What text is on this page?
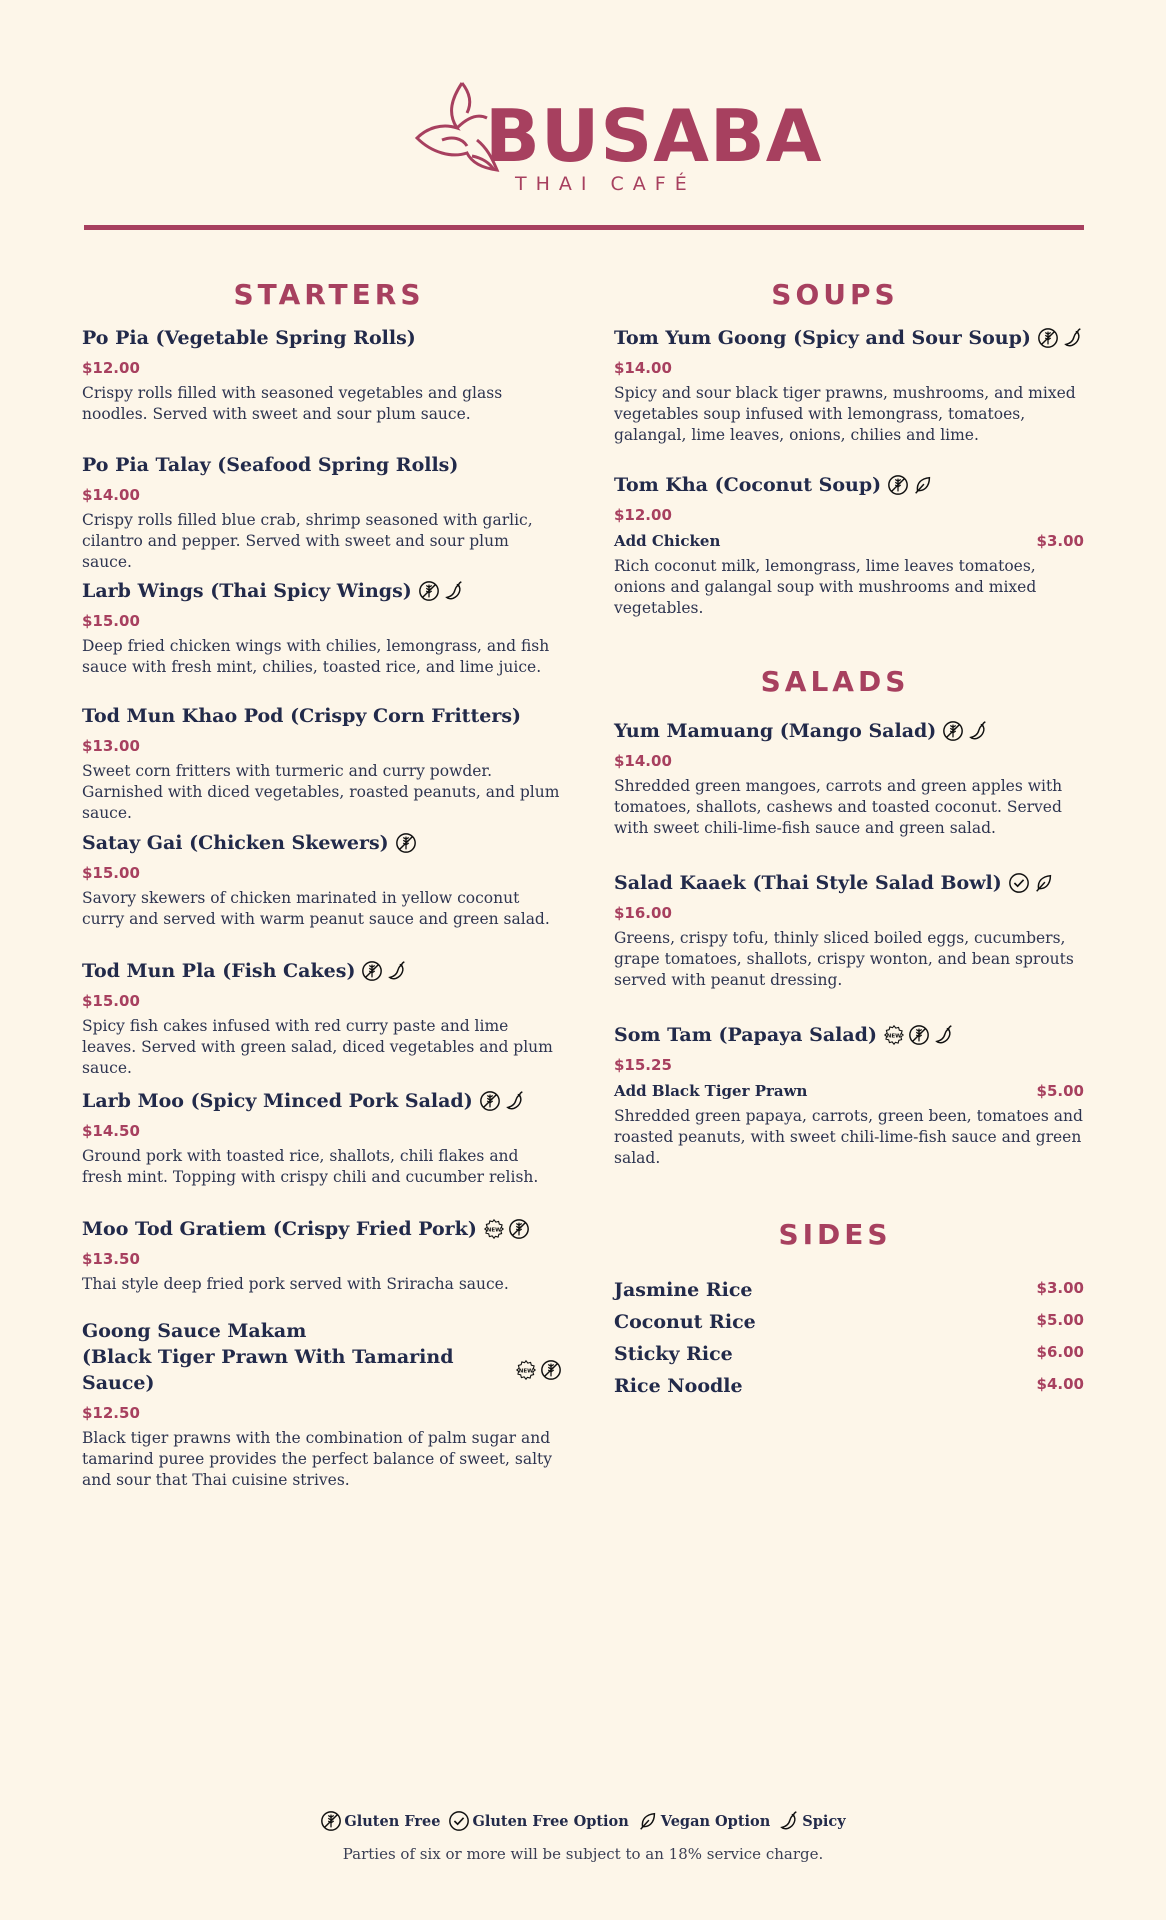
BUSABA
THAI CAFÉ
STARTERS	SOUPS
SALADS
SIDES
Po Pia (Vegetable Spring Rolls)
$12.00
Crispy rolls filled with seasoned vegetables and glass noodles. Served with sweet and sour plum sauce.
Po Pia Talay (Seafood Spring Rolls)
$14.00
Crispy rolls filled blue crab, shrimp seasoned with garlic, cilantro and pepper. Served with sweet and sour plum sauce.
Larb Wings (Thai Spicy Wings)
$15.00
Deep fried chicken wings with chilies, lemongrass, and fish sauce with fresh mint, chilies, toasted rice, and lime juice.
Tod Mun Khao Pod (Crispy Corn Fritters)
$13.00
Sweet corn fritters with turmeric and curry powder. Garnished with diced vegetables, roasted peanuts, and plum sauce.
Satay Gai (Chicken Skewers)
$15.00
Savory skewers of chicken marinated in yellow coconut curry and served with warm peanut sauce and green salad.
Tod Mun Pla (Fish Cakes)
$15.00
Spicy fish cakes infused with red curry paste and lime leaves. Served with green salad, diced vegetables and plum sauce.
Larb Moo (Spicy Minced Pork Salad)
$14.50
Ground pork with toasted rice, shallots, chili flakes and fresh mint. Topping with crispy chili and cucumber relish.
Moo Tod Gratiem (Crispy Fried Pork) NEW
$13.50
Thai style deep fried pork served with Sriracha sauce.
Goong Sauce Makam
(Black Tiger Prawn With Tamarind Sauce)
NEW
$12.50
Black tiger prawns with the combination of palm sugar and tamarind puree provides the perfect balance of sweet, salty and sour that Thai cuisine strives.
Tom Yum Goong (Spicy and Sour Soup)
$14.00
Spicy and sour black tiger prawns, mushrooms, and mixed vegetables soup infused with lemongrass, tomatoes, galangal, lime leaves, onions, chilies and lime.
Tom Kha (Coconut Soup)
$12.00
Add Chicken	$3.00
Rich coconut milk, lemongrass, lime leaves tomatoes, onions and galangal soup with mushrooms and mixed vegetables.
Yum Mamuang (Mango Salad)
$14.00
Shredded green mangoes, carrots and green apples with tomatoes, shallots, cashews and toasted coconut. Served with sweet chili-lime-fish sauce and green salad.
Salad Kaaek (Thai Style Salad Bowl)
$16.00
Greens, crispy tofu, thinly sliced boiled eggs, cucumbers, grape tomatoes, shallots, crispy wonton, and bean sprouts served with peanut dressing.
Som Tam (Papaya Salad) NEW
$15.25
Add Black Tiger Prawn	$5.00
Shredded green papaya, carrots, green been, tomatoes and roasted peanuts, with sweet chili-lime-fish sauce and green salad.
Jasmine Rice	$3.00
Coconut Rice	$5.00
Sticky Rice	$6.00
Rice Noodle	$4.00
Gluten Free Gluten Free Option Vegan Option Spicy
Parties of six or more will be subject to an 18% service charge.
